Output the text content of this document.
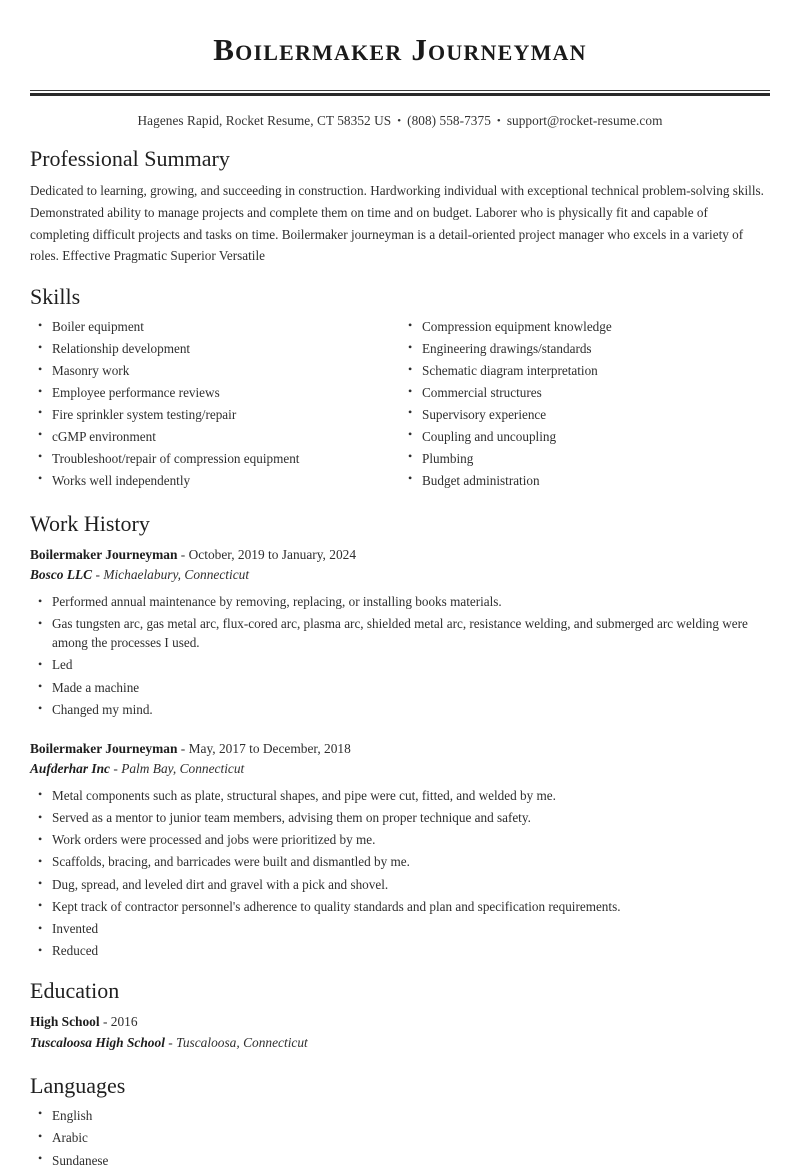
Boilermaker Journeyman
Hagenes Rapid, Rocket Resume, CT 58352 US • (808) 558-7375 • support@rocket-resume.com
Professional Summary

Dedicated to learning, growing, and succeeding in construction. Hardworking individual with exceptional technical problem-solving skills. Demonstrated ability to manage projects and complete them on time and on budget. Laborer who is physically fit and capable of completing difficult projects and tasks on time. Boilermaker journeyman is a detail-oriented project manager who excels in a variety of roles. Effective Pragmatic Superior Versatile

Skills
• Boiler equipment
• Relationship development
• Masonry work
• Employee performance reviews
• Fire sprinkler system testing/repair
• cGMP environment
• Troubleshoot/repair of compression equipment
• Works well independently
• Compression equipment knowledge
• Engineering drawings/standards
• Schematic diagram interpretation
• Commercial structures
• Supervisory experience
• Coupling and uncoupling
• Plumbing
• Budget administration
Work History
Boilermaker Journeyman - October, 2019 to January, 2024
Bosco LLC - Michaelabury, Connecticut
• Performed annual maintenance by removing, replacing, or installing books materials.
• Gas tungsten arc, gas metal arc, flux-cored arc, plasma arc, shielded metal arc, resistance welding, and submerged arc welding were among the processes I used.
• Led
• Made a machine
• Changed my mind.
Boilermaker Journeyman - May, 2017 to December, 2018
Aufderhar Inc - Palm Bay, Connecticut
• Metal components such as plate, structural shapes, and pipe were cut, fitted, and welded by me.
• Served as a mentor to junior team members, advising them on proper technique and safety.
• Work orders were processed and jobs were prioritized by me.
• Scaffolds, bracing, and barricades were built and dismantled by me.
• Dug, spread, and leveled dirt and gravel with a pick and shovel.
• Kept track of contractor personnel's adherence to quality standards and plan and specification requirements.
• Invented
• Reduced
Education
High School - 2016
Tuscaloosa High School - Tuscaloosa, Connecticut
Languages
• English
• Arabic
• Sundanese
